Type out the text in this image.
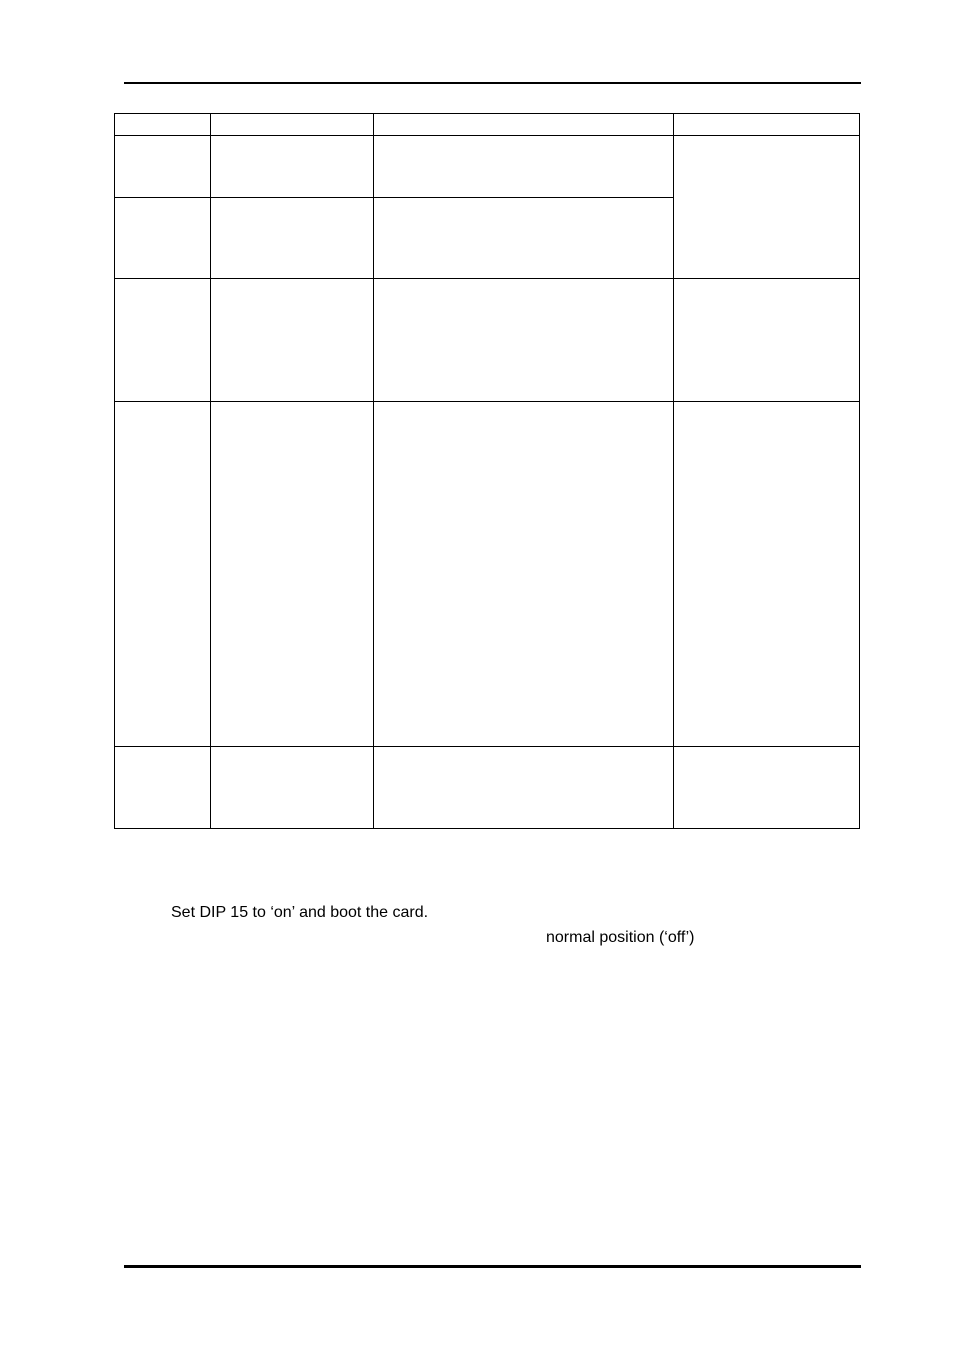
Set DIP 15 to ‘on’ and boot the card.
normal position (‘off’)
